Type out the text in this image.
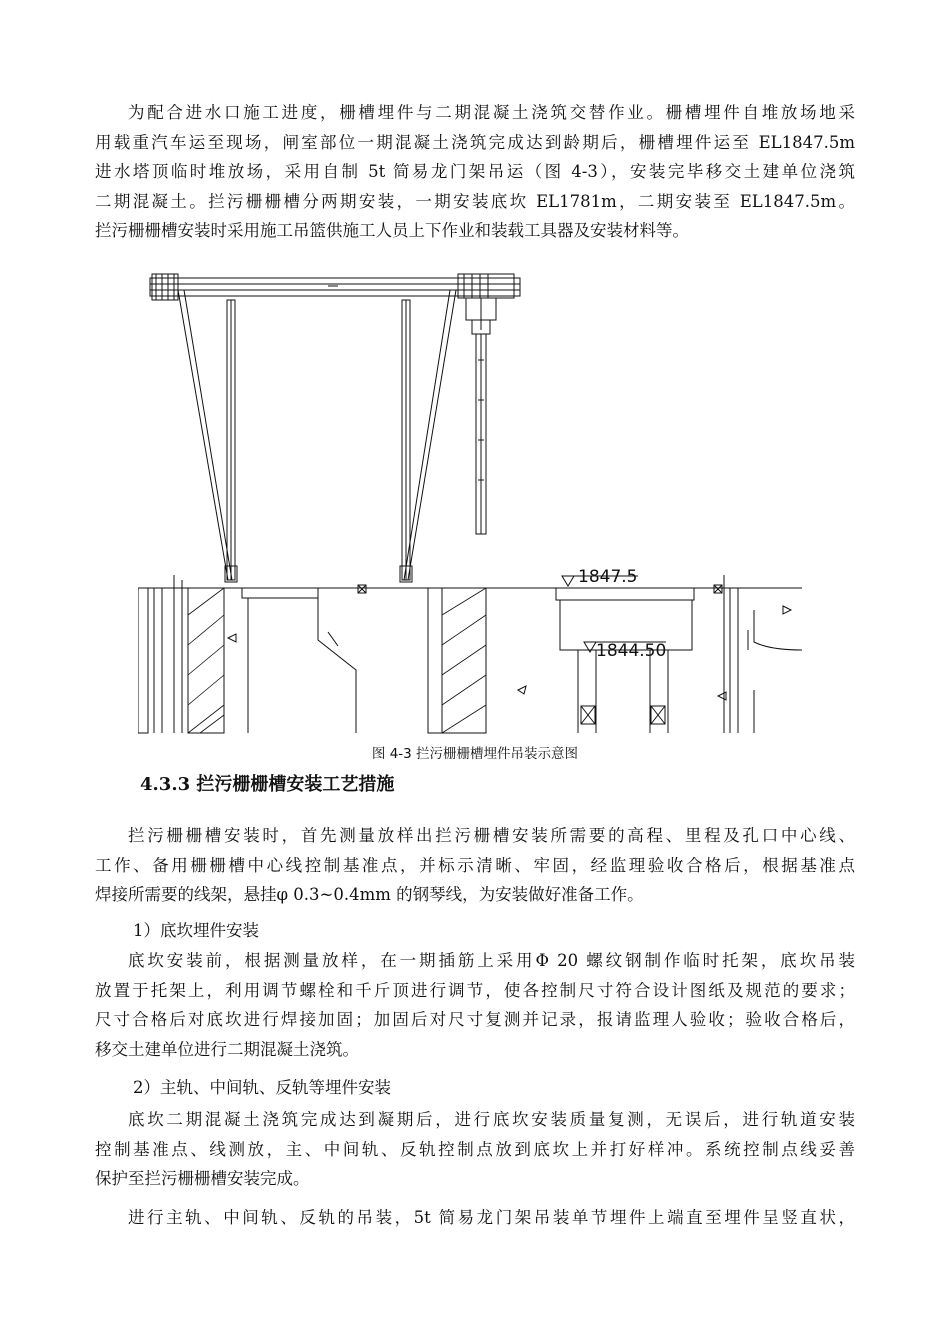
为配合进水口施工进度，栅槽埋件与二期混凝土浇筑交替作业。栅槽埋件自堆放场地采
用载重汽车运至现场，闸室部位一期混凝土浇筑完成达到龄期后，栅槽埋件运至 EL1847.5m
进水塔顶临时堆放场，采用自制 5t 简易龙门架吊运（图 4-3），安装完毕移交土建单位浇筑
二期混凝土。拦污栅栅槽分两期安装，一期安装底坎 EL1781m，二期安装至 EL1847.5m。
拦污栅栅槽安装时采用施工吊篮供施工人员上下作业和装载工具器及安装材料等。
1847.5
1844.50
图 4-3 拦污栅栅槽埋件吊装示意图
4.3.3 拦污栅栅槽安装工艺措施
拦污栅栅槽安装时，首先测量放样出拦污栅槽安装所需要的高程、里程及孔口中心线、
工作、备用栅栅槽中心线控制基准点，并标示清晰、牢固，经监理验收合格后，根据基准点
焊接所需要的线架，悬挂φ 0.3~0.4mm 的钢琴线，为安装做好准备工作。
1）底坎埋件安装
底坎安装前，根据测量放样，在一期插筋上采用Φ 20 螺纹钢制作临时托架，底坎吊装
放置于托架上，利用调节螺栓和千斤顶进行调节，使各控制尺寸符合设计图纸及规范的要求；
尺寸合格后对底坎进行焊接加固；加固后对尺寸复测并记录，报请监理人验收；验收合格后，
移交土建单位进行二期混凝土浇筑。
2）主轨、中间轨、反轨等埋件安装
底坎二期混凝土浇筑完成达到凝期后，进行底坎安装质量复测，无误后，进行轨道安装
控制基准点、线测放，主、中间轨、反轨控制点放到底坎上并打好样冲。系统控制点线妥善
保护至拦污栅栅槽安装完成。
进行主轨、中间轨、反轨的吊装，5t 简易龙门架吊装单节埋件上端直至埋件呈竖直状，
